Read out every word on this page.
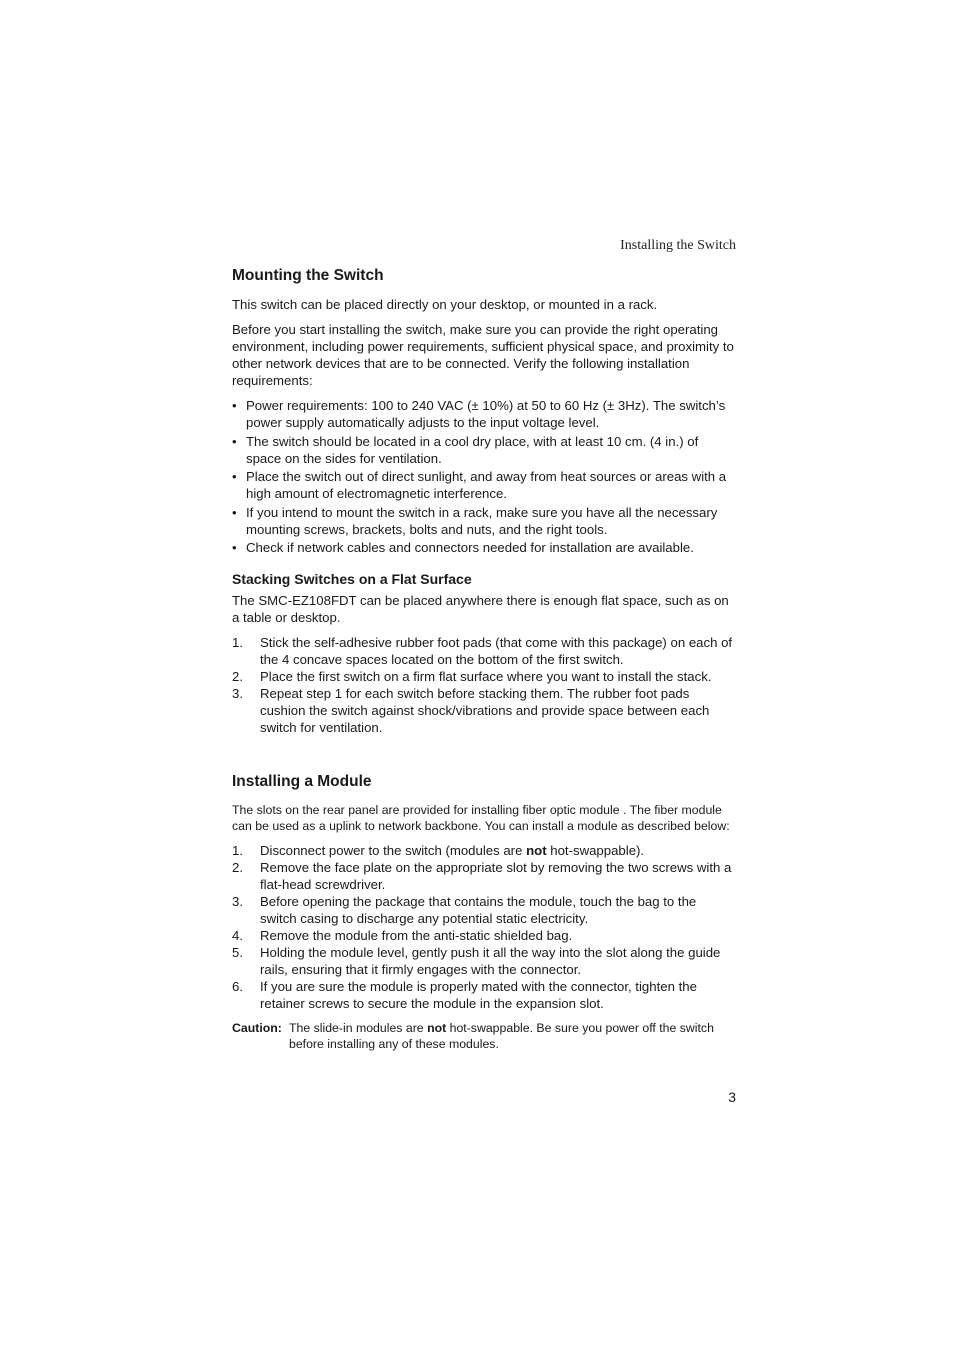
Installing the Switch
Mounting the Switch

This switch can be placed directly on your desktop, or mounted in a rack.

Before you start installing the switch, make sure you can provide the right operating environment, including power requirements, sufficient physical space, and proximity to other network devices that are to be connected. Verify the following installation requirements:

• Power requirements: 100 to 240 VAC (± 10%) at 50 to 60 Hz (± 3Hz). The switch’s power supply automatically adjusts to the input voltage level.
• The switch should be located in a cool dry place, with at least 10 cm. (4 in.) of space on the sides for ventilation.
• Place the switch out of direct sunlight, and away from heat sources or areas with a high amount of electromagnetic interference.
• If you intend to mount the switch in a rack, make sure you have all the necessary mounting screws, brackets, bolts and nuts, and the right tools.
• Check if network cables and connectors needed for installation are available.
Stacking Switches on a Flat Surface

The SMC-EZ108FDT can be placed anywhere there is enough flat space, such as on a table or desktop.

1. Stick the self-adhesive rubber foot pads (that come with this package) on each of the 4 concave spaces located on the bottom of the first switch.
2. Place the first switch on a firm flat surface where you want to install the stack.
3. Repeat step 1 for each switch before stacking them. The rubber foot pads cushion the switch against shock/vibrations and provide space between each switch for ventilation.
Installing a Module

The slots on the rear panel are provided for installing fiber optic module . The fiber module can be used as a uplink to network backbone. You can install a module as described below:

1. Disconnect power to the switch (modules are not hot-swappable).
2. Remove the face plate on the appropriate slot by removing the two screws with a flat-head screwdriver.
3. Before opening the package that contains the module, touch the bag to the switch casing to discharge any potential static electricity.
4. Remove the module from the anti-static shielded bag.
5. Holding the module level, gently push it all the way into the slot along the guide rails, ensuring that it firmly engages with the connector.
6. If you are sure the module is properly mated with the connector, tighten the retainer screws to secure the module in the expansion slot.
Caution: The slide-in modules are not hot-swappable. Be sure you power off the switch before installing any of these modules.
3
